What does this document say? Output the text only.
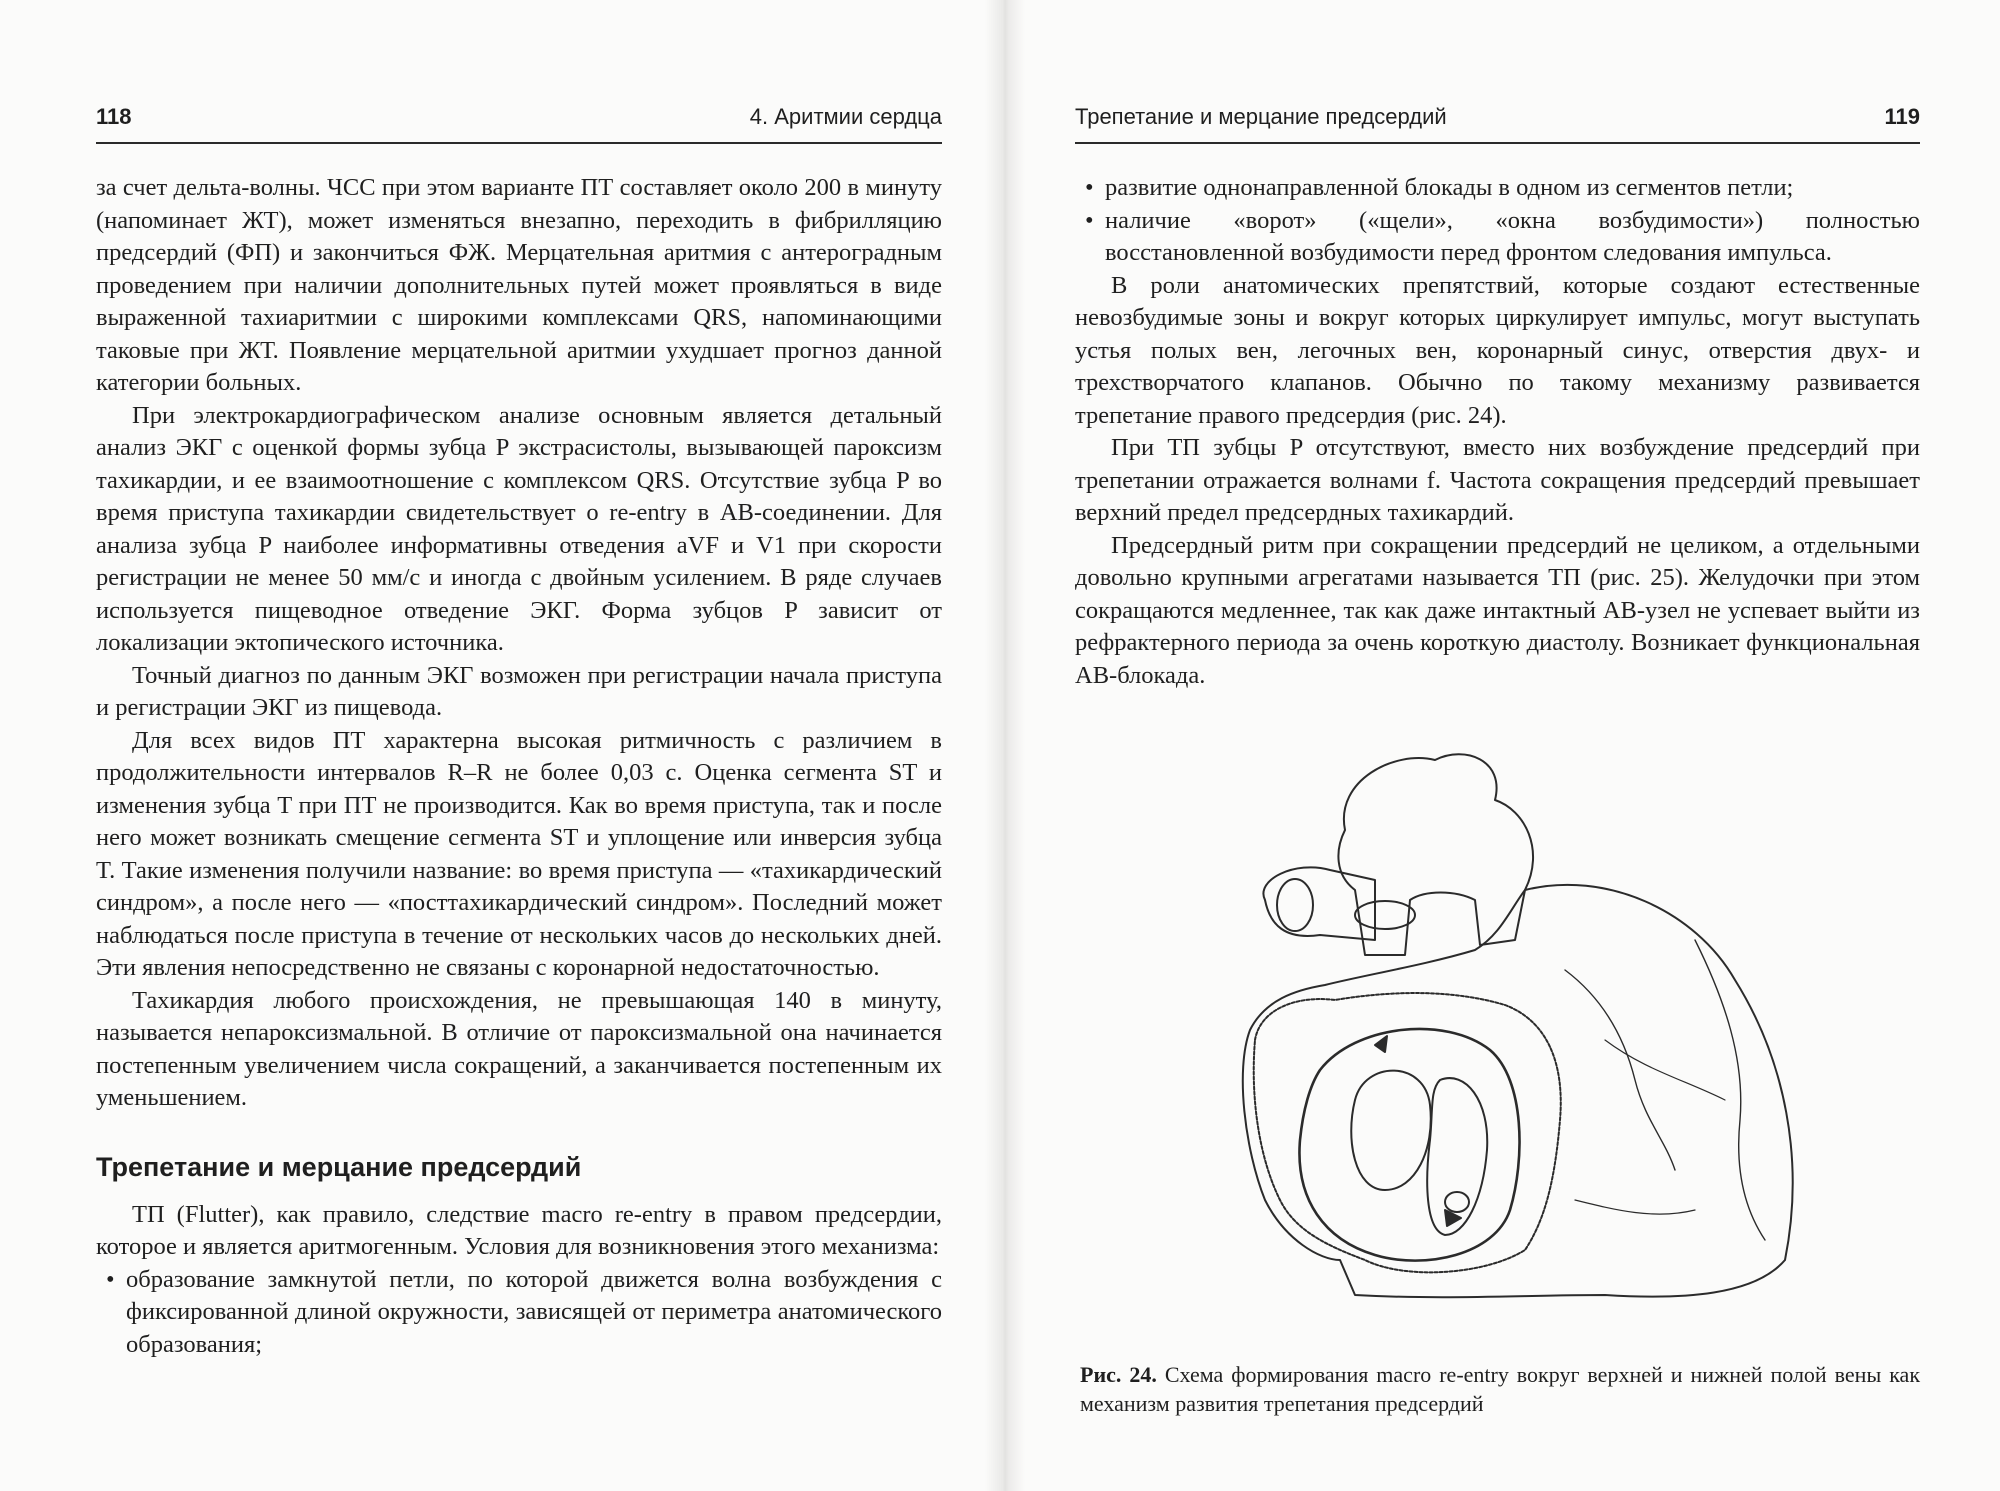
118	4. Аритмии сердца

за счет дельта-волны. ЧСС при этом варианте ПТ составляет около 200 в минуту (напоминает ЖТ), может изменяться внезапно, переходить в фибрилляцию предсердий (ФП) и закончиться ФЖ. Мерцательная аритмия с антероградным проведением при наличии дополнительных путей может проявляться в виде выраженной тахиаритмии с широкими комплексами QRS, напоминающими таковые при ЖТ. Появление мерцательной аритмии ухудшает прогноз данной категории больных.

При электрокардиографическом анализе основным является детальный анализ ЭКГ с оценкой формы зубца P экстрасистолы, вызывающей пароксизм тахикардии, и ее взаимоотношение с комплексом QRS. Отсутствие зубца P во время приступа тахикардии свидетельствует о re-entry в АВ-соединении. Для анализа зубца P наиболее информативны отведения aVF и V1 при скорости регистрации не менее 50 мм/с и иногда с двойным усилением. В ряде случаев используется пищеводное отведение ЭКГ. Форма зубцов P зависит от локализации эктопического источника.

Точный диагноз по данным ЭКГ возможен при регистрации начала приступа и регистрации ЭКГ из пищевода.

Для всех видов ПТ характерна высокая ритмичность с различием в продолжительности интервалов R–R не более 0,03 с. Оценка сегмента ST и изменения зубца T при ПТ не производится. Как во время приступа, так и после него может возникать смещение сегмента ST и уплощение или инверсия зубца T. Такие изменения получили название: во время приступа — «тахикардический синдром», а после него — «посттахикардический синдром». Последний может наблюдаться после приступа в течение от нескольких часов до нескольких дней. Эти явления непосредственно не связаны с коронарной недостаточностью.

Тахикардия любого происхождения, не превышающая 140 в минуту, называется непароксизмальной. В отличие от пароксизмальной она начинается постепенным увеличением числа сокращений, а заканчивается постепенным их уменьшением.

Трепетание и мерцание предсердий

ТП (Flutter), как правило, следствие macro re-entry в правом предсердии, которое и является аритмогенным. Условия для возникновения этого механизма:

• образование замкнутой петли, по которой движется волна возбуждения с фиксированной длиной окружности, зависящей от периметра анатомического образования;
Трепетание и мерцание предсердий	119
• развитие однонаправленной блокады в одном из сегментов петли;
• наличие «ворот» («щели», «окна возбудимости») полностью восстановленной возбудимости перед фронтом следования импульса.

В роли анатомических препятствий, которые создают естественные невозбудимые зоны и вокруг которых циркулирует импульс, могут выступать устья полых вен, легочных вен, коронарный синус, отверстия двух- и трехстворчатого клапанов. Обычно по такому механизму развивается трепетание правого предсердия (рис. 24).

При ТП зубцы P отсутствуют, вместо них возбуждение предсердий при трепетании отражается волнами f. Частота сокращения предсердий превышает верхний предел предсердных тахикардий.

Предсердный ритм при сокращении предсердий не целиком, а отдельными довольно крупными агрегатами называется ТП (рис. 25). Желудочки при этом сокращаются медленнее, так как даже интактный АВ-узел не успевает выйти из рефрактерного периода за очень короткую диастолу. Возникает функциональная АВ-блокада.

Рис. 24. Схема формирования macro re-entry вокруг верхней и нижней полой вены как механизм развития трепетания предсердий
